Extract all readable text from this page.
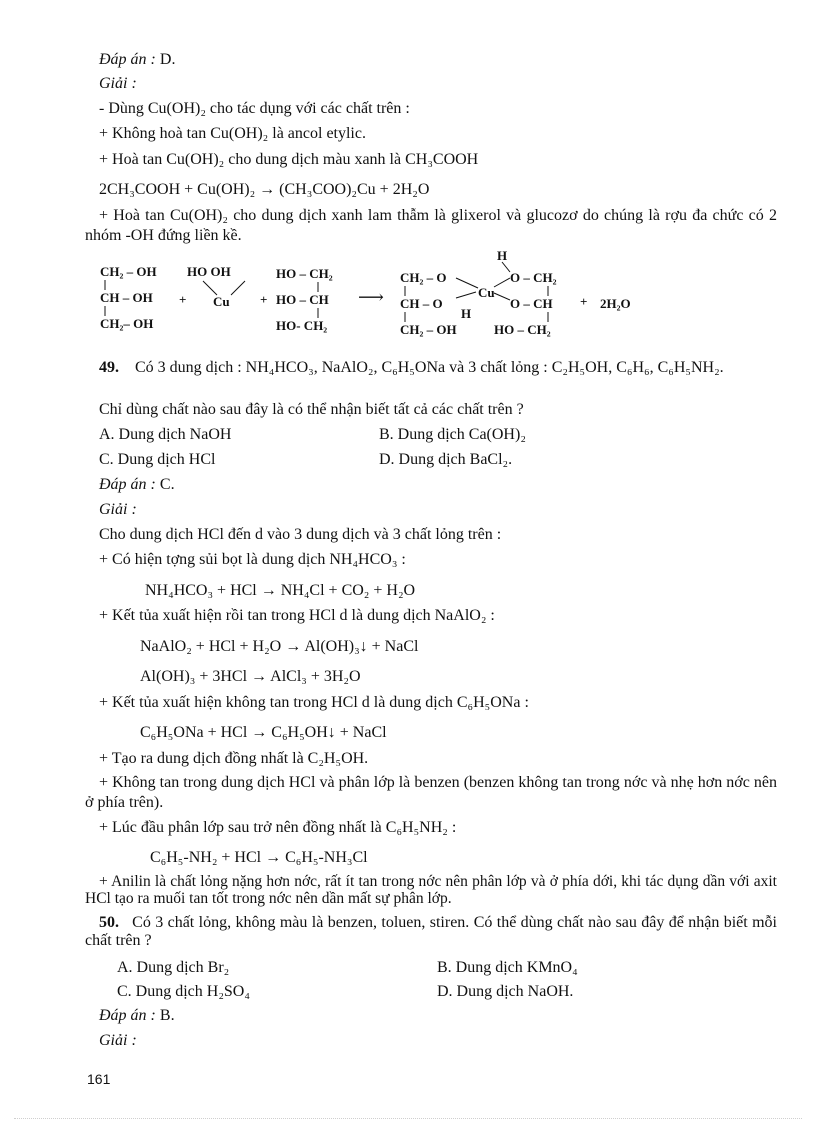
Đáp án : D.
Giải :
- Dùng Cu(OH)₂ cho tác dụng với các chất trên :
+ Không hoà tan Cu(OH)₂ là ancol etylic.
+ Hoà tan Cu(OH)₂ cho dung dịch màu xanh là CH₃COOH
2CH₃COOH + Cu(OH)₂ → (CH₃COO)₂Cu + 2H₂O
+ Hoà tan Cu(OH)₂ cho dung dịch xanh lam thẫm là glixerol và glucozơ do chúng là rợu đa chức có 2 nhóm -OH đứng liền kề.
CH₂ – OH
CH – OH
CH₂– OH
+
HO OH
Cu +
HO – CH₂
HO – CH
HO- CH₂
⟶
CH₂ – O
CH – O
CH₂ – OH
H
Cu
H
O – CH₂
O – CH
HO – CH₂
+ 2H₂O
49. Có 3 dung dịch : NH₄HCO₃, NaAlO₂, C₆H₅ONa và 3 chất lỏng : C₂H₅OH, C₆H₆, C₆H₅NH₂.
Chỉ dùng chất nào sau đây là có thể nhận biết tất cả các chất trên ?
A. Dung dịch NaOH	B. Dung dịch Ca(OH)₂
C. Dung dịch HCl	D. Dung dịch BaCl₂.
Đáp án : C.
Giải :
Cho dung dịch HCl đến d vào 3 dung dịch và 3 chất lỏng trên :
+ Có hiện tợng sủi bọt là dung dịch NH₄HCO₃ :
NH₄HCO₃ + HCl → NH₄Cl + CO₂ + H₂O
+ Kết tủa xuất hiện rồi tan trong HCl d là dung dịch NaAlO₂ :
NaAlO₂ + HCl + H₂O → Al(OH)₃↓ + NaCl
Al(OH)₃ + 3HCl → AlCl₃ + 3H₂O
+ Kết tủa xuất hiện không tan trong HCl d là dung dịch C₆H₅ONa :
C₆H₅ONa + HCl → C₆H₅OH↓ + NaCl
+ Tạo ra dung dịch đồng nhất là C₂H₅OH.
+ Không tan trong dung dịch HCl và phân lớp là benzen (benzen không tan trong nớc và nhẹ hơn nớc nên ở phía trên).
+ Lúc đầu phân lớp sau trở nên đồng nhất là C₆H₅NH₂ :
C₆H₅-NH₂ + HCl → C₆H₅-NH₃Cl
+ Anilin là chất lỏng nặng hơn nớc, rất ít tan trong nớc nên phân lớp và ở phía dới, khi tác dụng dần với axit HCl tạo ra muối tan tốt trong nớc nên dần mất sự phân lớp.
50. Có 3 chất lỏng, không màu là benzen, toluen, stiren. Có thể dùng chất nào sau đây để nhận biết mỗi chất trên ?
A. Dung dịch Br₂	B. Dung dịch KMnO₄
C. Dung dịch H₂SO₄	D. Dung dịch NaOH.
Đáp án : B.
Giải :
161
